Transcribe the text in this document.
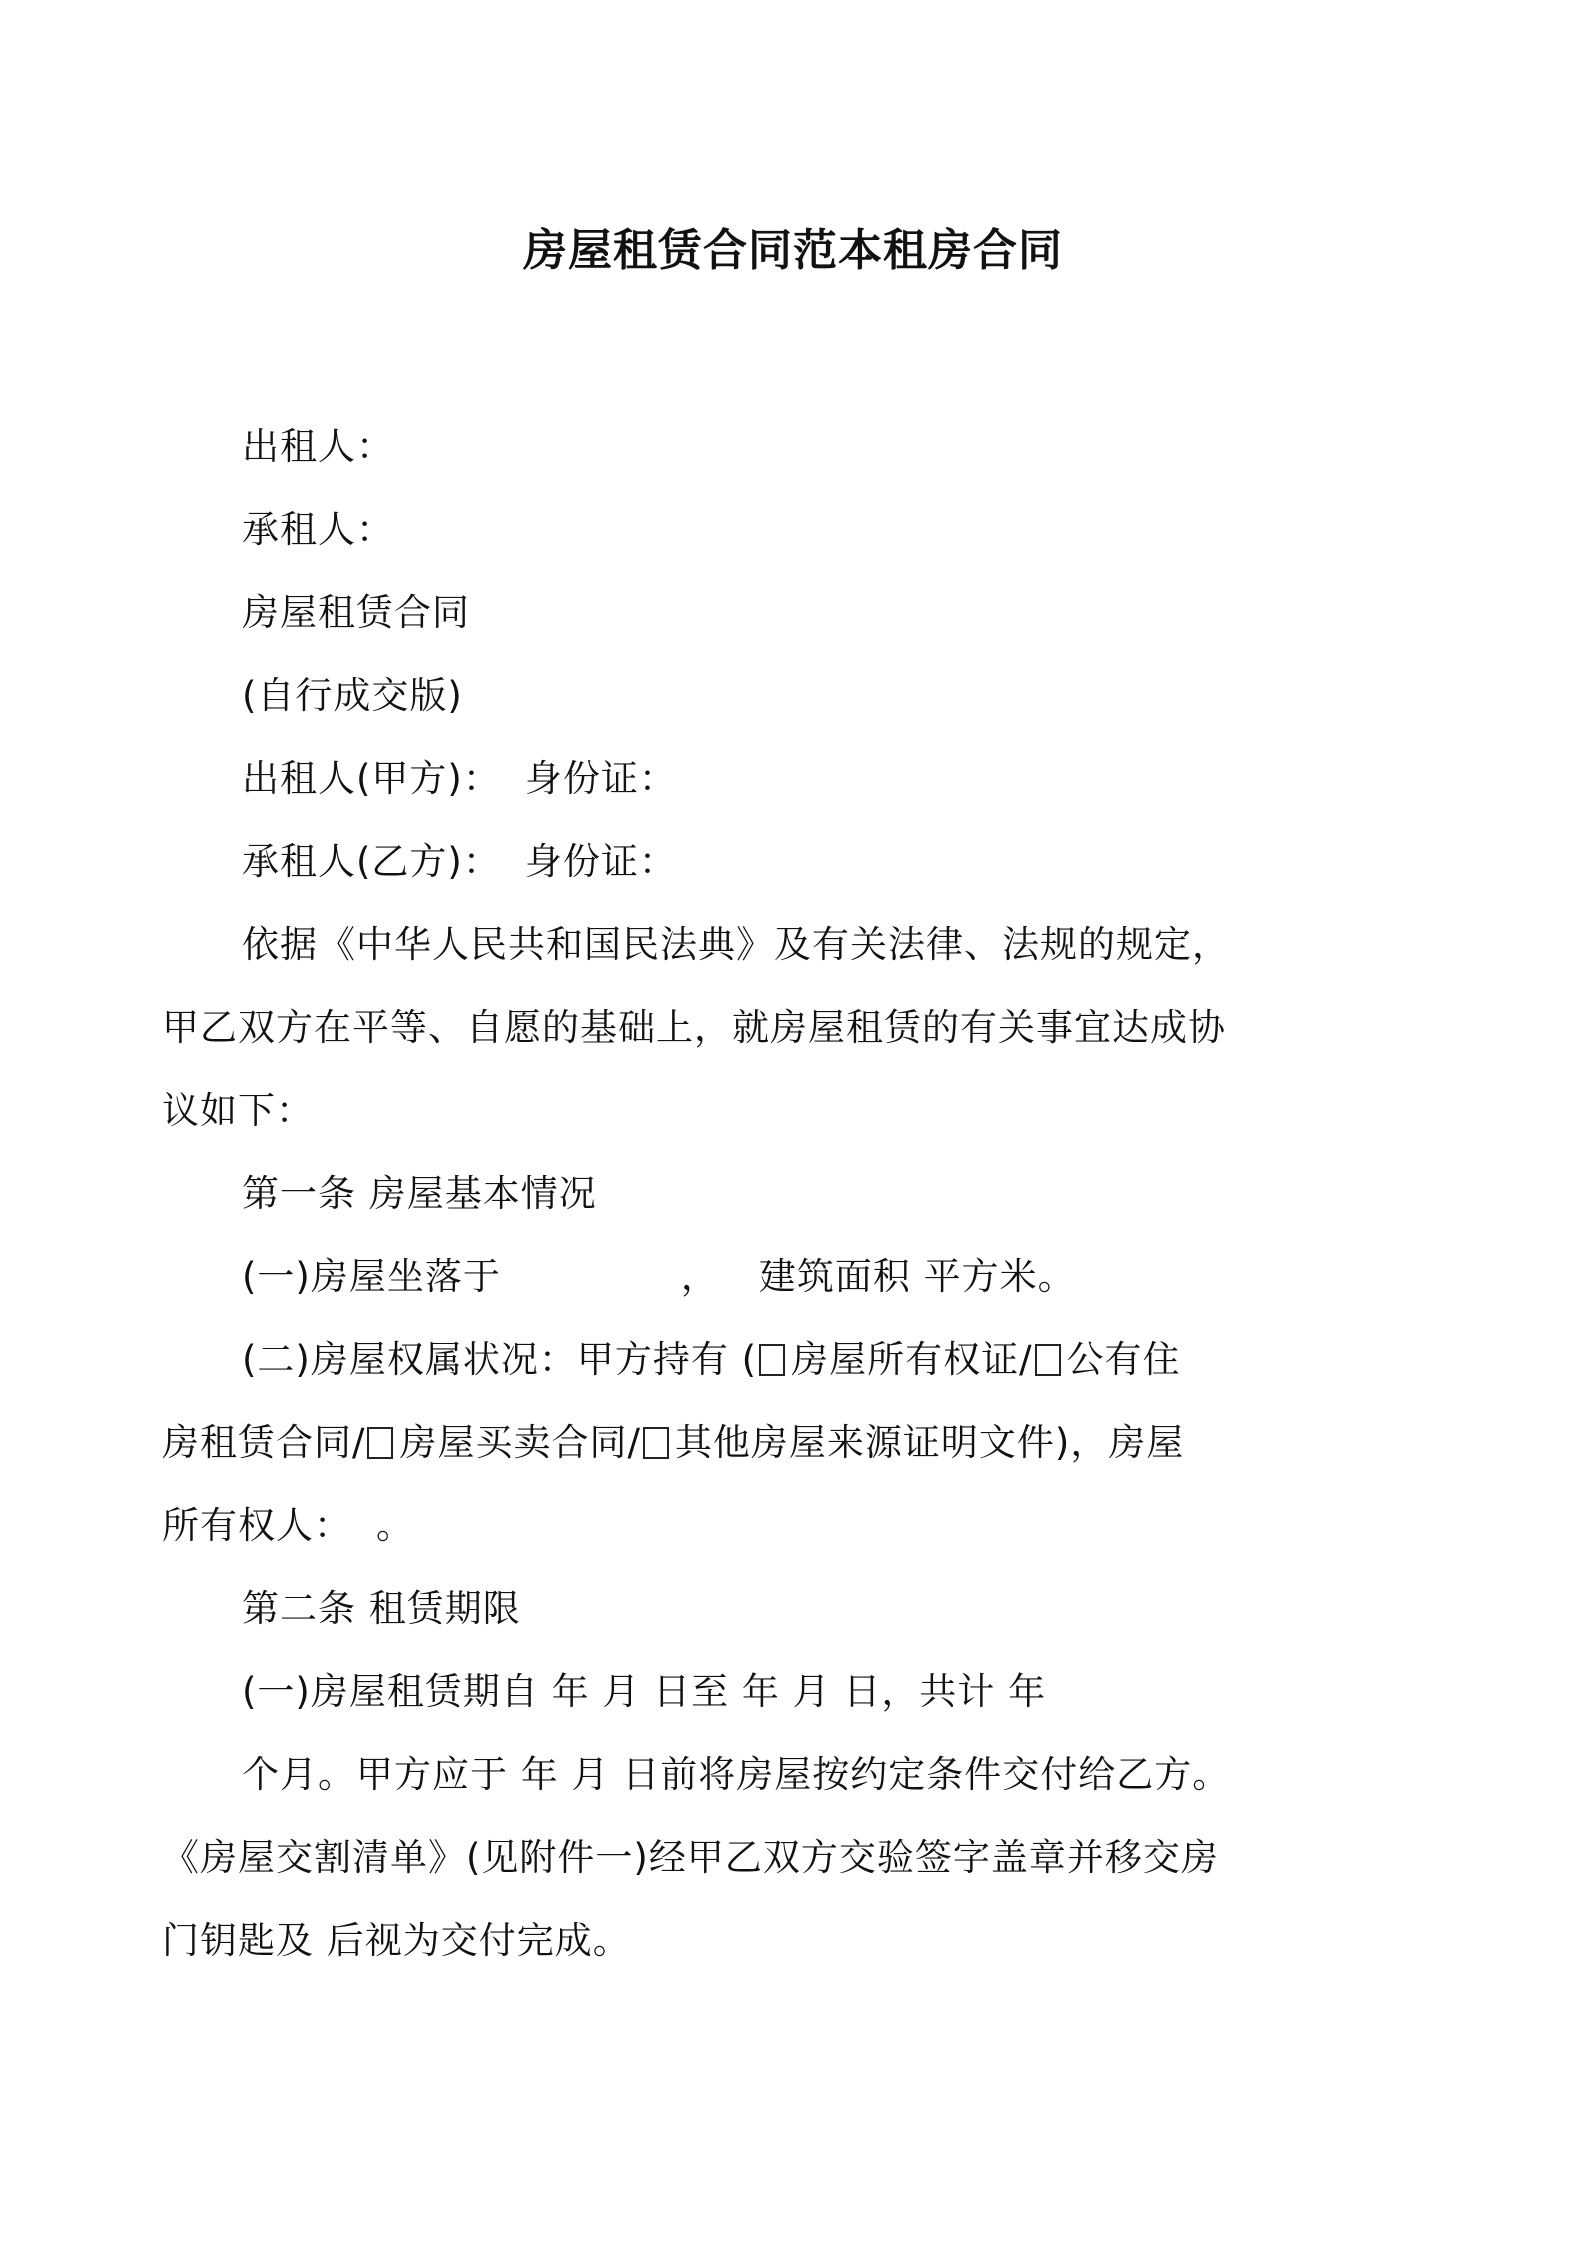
房屋租赁合同范本租房合同

出租人：

承租人：

房屋租赁合同

(自行成交版)

出租人(甲方)： 身份证：

承租人(乙方)： 身份证：

依据《中华人民共和国民法典》及有关法律、法规的规定，

甲乙双方在平等、自愿的基础上，就房屋租赁的有关事宜达成协

议如下：

第一条 房屋基本情况

(一)房屋坐落于	， 建筑面积 平方米。

(二)房屋权属状况：甲方持有 ( 房屋所有权证/ 公有住

房租赁合同/ 房屋买卖合同/ 其他房屋来源证明文件)，房屋

所有权人： 。

第二条 租赁期限

(一)房屋租赁期自 年 月 日至 年 月 日，共计 年

个月。甲方应于 年 月 日前将房屋按约定条件交付给乙方。

《房屋交割清单》(见附件一)经甲乙双方交验签字盖章并移交房

门钥匙及 后视为交付完成。
